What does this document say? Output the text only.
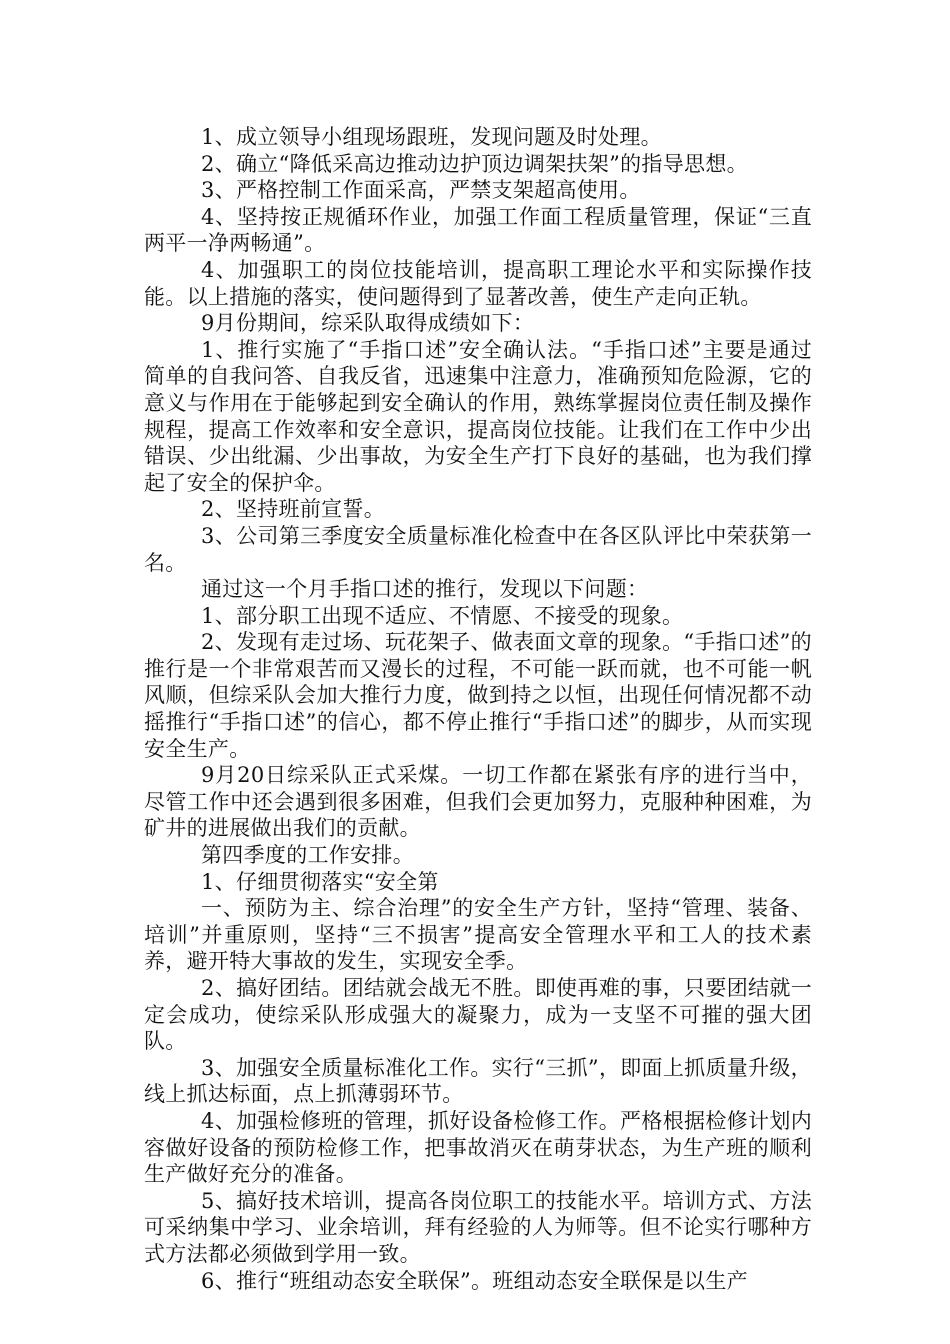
1、成立领导小组现场跟班，发现问题及时处理。

2、确立“降低采高边推动边护顶边调架扶架”的指导思想。

3、严格控制工作面采高，严禁支架超高使用。

4、坚持按正规循环作业，加强工作面工程质量管理，保证“三直两平一净两畅通”。

4、加强职工的岗位技能培训，提高职工理论水平和实际操作技能。以上措施的落实，使问题得到了显著改善，使生产走向正轨。

9月份期间，综采队取得成绩如下：

1、推行实施了“手指口述”安全确认法。“手指口述”主要是通过简单的自我问答、自我反省，迅速集中注意力，准确预知危险源，它的意义与作用在于能够起到安全确认的作用，熟练掌握岗位责任制及操作规程，提高工作效率和安全意识，提高岗位技能。让我们在工作中少出错误、少出纰漏、少出事故，为安全生产打下良好的基础，也为我们撑起了安全的保护伞。

2、坚持班前宣誓。

3、公司第三季度安全质量标准化检查中在各区队评比中荣获第一名。

通过这一个月手指口述的推行，发现以下问题：

1、部分职工出现不适应、不情愿、不接受的现象。

2、发现有走过场、玩花架子、做表面文章的现象。“手指口述”的推行是一个非常艰苦而又漫长的过程，不可能一跃而就，也不可能一帆风顺，但综采队会加大推行力度，做到持之以恒，出现任何情况都不动摇推行“手指口述”的信心，都不停止推行“手指口述”的脚步，从而实现安全生产。

9月20日综采队正式采煤。一切工作都在紧张有序的进行当中，尽管工作中还会遇到很多困难，但我们会更加努力，克服种种困难，为矿井的进展做出我们的贡献。

第四季度的工作安排。

1、仔细贯彻落实“安全第

一、预防为主、综合治理”的安全生产方针，坚持“管理、装备、培训”并重原则，坚持“三不损害”提高安全管理水平和工人的技术素养，避开特大事故的发生，实现安全季。

2、搞好团结。团结就会战无不胜。即使再难的事，只要团结就一定会成功，使综采队形成强大的凝聚力，成为一支坚不可摧的强大团队。

3、加强安全质量标准化工作。实行“三抓”，即面上抓质量升级，线上抓达标面，点上抓薄弱环节。

4、加强检修班的管理，抓好设备检修工作。严格根据检修计划内容做好设备的预防检修工作，把事故消灭在萌芽状态，为生产班的顺利生产做好充分的准备。

5、搞好技术培训，提高各岗位职工的技能水平。培训方式、方法可采纳集中学习、业余培训，拜有经验的人为师等。但不论实行哪种方式方法都必须做到学用一致。

6、推行“班组动态安全联保”。班组动态安全联保是以生产
